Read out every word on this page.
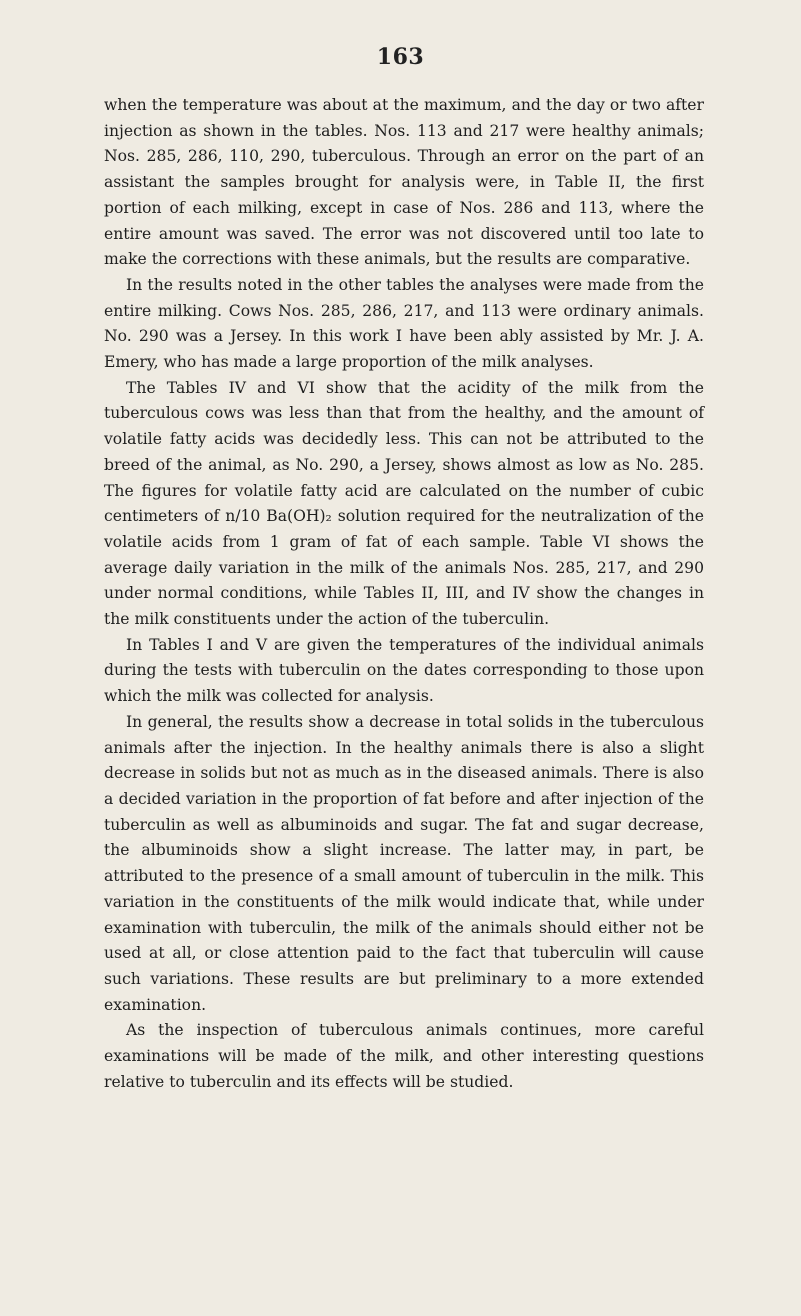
163

when the temperature was about at the maximum, and the day or two after injection as shown in the tables. Nos. 113 and 217 were healthy animals; Nos. 285, 286, 110, 290, tuberculous. Through an error on the part of an assistant the samples brought for analysis were, in Table II, the first portion of each milking, except in case of Nos. 286 and 113, where the entire amount was saved. The error was not discovered until too late to make the corrections with these animals, but the results are comparative.

In the results noted in the other tables the analyses were made from the entire milking. Cows Nos. 285, 286, 217, and 113 were ordinary animals. No. 290 was a Jersey. In this work I have been ably assisted by Mr. J. A. Emery, who has made a large proportion of the milk analyses.

The Tables IV and VI show that the acidity of the milk from the tuberculous cows was less than that from the healthy, and the amount of volatile fatty acids was decidedly less. This can not be attributed to the breed of the animal, as No. 290, a Jersey, shows almost as low as No. 285. The figures for volatile fatty acid are calculated on the number of cubic centimeters of n/10 Ba(OH)₂ solution required for the neutralization of the volatile acids from 1 gram of fat of each sample. Table VI shows the average daily variation in the milk of the animals Nos. 285, 217, and 290 under normal conditions, while Tables II, III, and IV show the changes in the milk constituents under the action of the tuberculin.

In Tables I and V are given the temperatures of the individual animals during the tests with tuberculin on the dates corresponding to those upon which the milk was collected for analysis.

In general, the results show a decrease in total solids in the tuberculous animals after the injection. In the healthy animals there is also a slight decrease in solids but not as much as in the diseased animals. There is also a decided variation in the proportion of fat before and after injection of the tuberculin as well as albuminoids and sugar. The fat and sugar decrease, the albuminoids show a slight increase. The latter may, in part, be attributed to the presence of a small amount of tuberculin in the milk. This variation in the constituents of the milk would indicate that, while under examination with tuberculin, the milk of the animals should either not be used at all, or close attention paid to the fact that tuberculin will cause such variations. These results are but preliminary to a more extended examination.

As the inspection of tuberculous animals continues, more careful examinations will be made of the milk, and other interesting questions relative to tuberculin and its effects will be studied.
